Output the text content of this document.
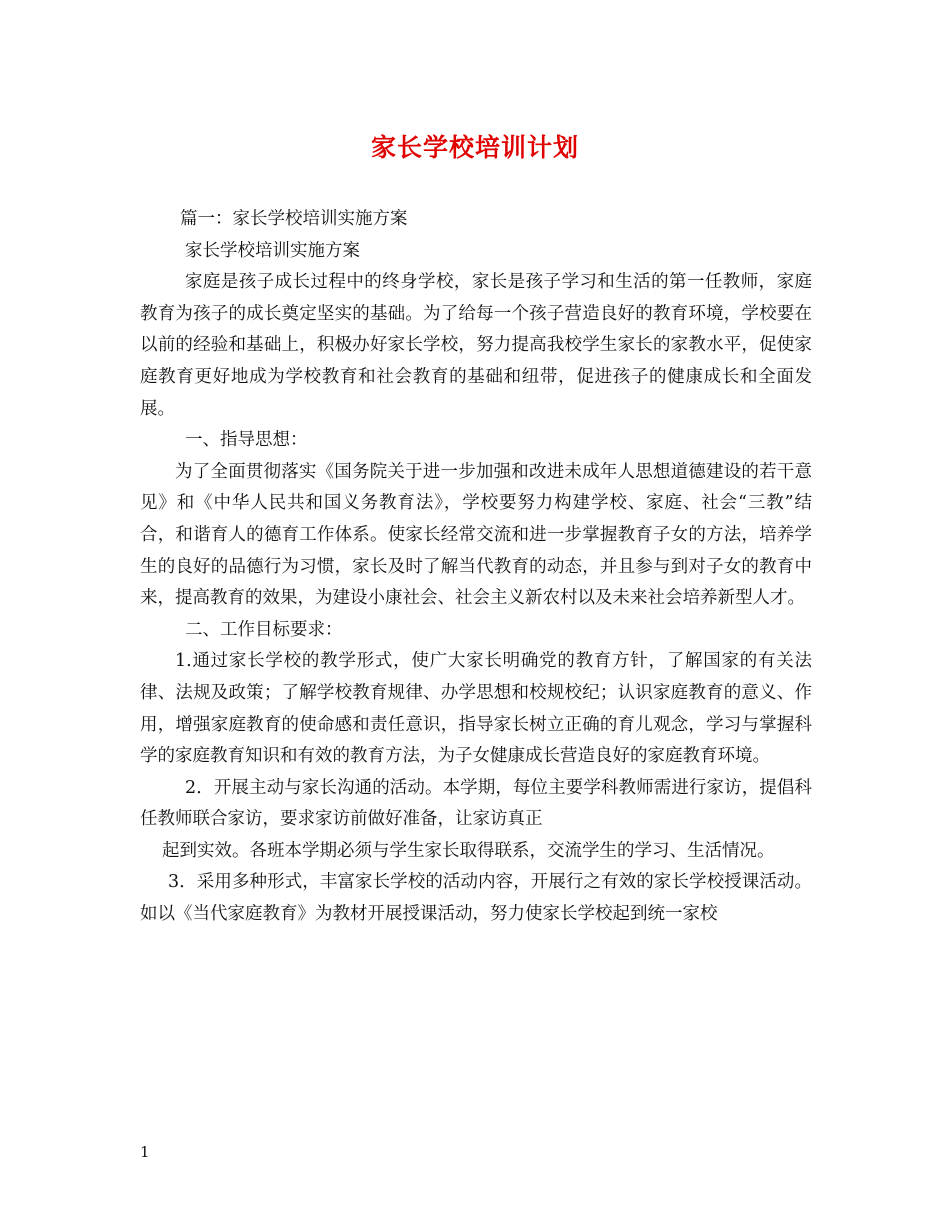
家长学校培训计划

篇一：家长学校培训实施方案

家长学校培训实施方案

家庭是孩子成长过程中的终身学校，家长是孩子学习和生活的第一任教师，家庭教育为孩子的成长奠定坚实的基础。为了给每一个孩子营造良好的教育环境，学校要在以前的经验和基础上，积极办好家长学校，努力提高我校学生家长的家教水平，促使家庭教育更好地成为学校教育和社会教育的基础和纽带，促进孩子的健康成长和全面发展。

一、指导思想：

为了全面贯彻落实《国务院关于进一步加强和改进未成年人思想道德建设的若干意见》和《中华人民共和国义务教育法》，学校要努力构建学校、家庭、社会“三教”结合，和谐育人的德育工作体系。使家长经常交流和进一步掌握教育子女的方法，培养学生的良好的品德行为习惯，家长及时了解当代教育的动态，并且参与到对子女的教育中来，提高教育的效果，为建设小康社会、社会主义新农村以及未来社会培养新型人才。

二、工作目标要求：

1.通过家长学校的教学形式，使广大家长明确党的教育方针，了解国家的有关法律、法规及政策；了解学校教育规律、办学思想和校规校纪；认识家庭教育的意义、作用，增强家庭教育的使命感和责任意识，指导家长树立正确的育儿观念，学习与掌握科学的家庭教育知识和有效的教育方法，为子女健康成长营造良好的家庭教育环境。

2．开展主动与家长沟通的活动。本学期，每位主要学科教师需进行家访，提倡科任教师联合家访，要求家访前做好准备，让家访真正

起到实效。各班本学期必须与学生家长取得联系，交流学生的学习、生活情况。

3．采用多种形式，丰富家长学校的活动内容，开展行之有效的家长学校授课活动。如以《当代家庭教育》为教材开展授课活动，努力使家长学校起到统一家校

1
